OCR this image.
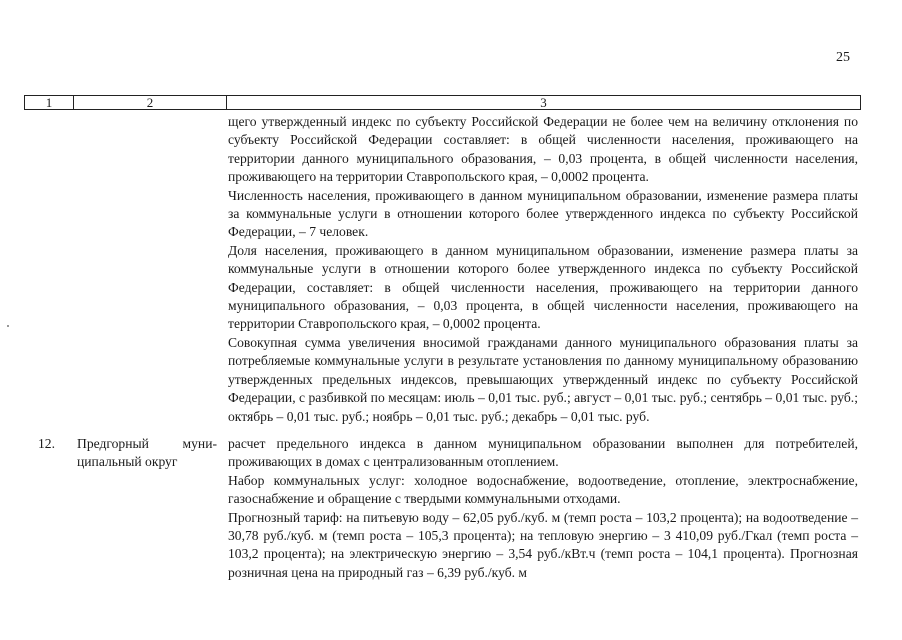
25
1	2	3

щего утвержденный индекс по субъекту Российской Федерации не более чем на величину отклонения по субъекту Российской Федерации составляет: в общей численности населения, проживающего на территории данного муниципального образования, – 0,03 процента, в общей численности населения, проживающего на территории Ставропольского края, – 0,0002 процента.

Численность населения, проживающего в данном муниципальном образовании, изменение размера платы за коммунальные услуги в отношении которого более утвержденного индекса по субъекту Российской Федерации, – 7 человек.

Доля населения, проживающего в данном муниципальном образовании, изменение размера платы за коммунальные услуги в отношении которого более утвержденного индекса по субъекту Российской Федерации, составляет: в общей численности населения, проживающего на территории данного муниципального образования, – 0,03 процента, в общей численности населения, проживающего на территории Ставропольского края, – 0,0002 процента.

Совокупная сумма увеличения вносимой гражданами данного муниципального образования платы за потребляемые коммунальные услуги в результате установления по данному муниципальному образованию утвержденных предельных индексов, превышающих утвержденный индекс по субъекту Российской Федерации, с разбивкой по месяцам: июль – 0,01 тыс. руб.; август – 0,01 тыс. руб.; сентябрь – 0,01 тыс. руб.; октябрь – 0,01 тыс. руб.; ноябрь – 0,01 тыс. руб.; декабрь – 0,01 тыс. руб.

12. Предгорный муни-
ципальный округ

расчет предельного индекса в данном муниципальном образовании выполнен для потребителей, проживающих в домах с централизованным отоплением.

Набор коммунальных услуг: холодное водоснабжение, водоотведение, отопление, электроснабжение, газоснабжение и обращение с твердыми коммунальными отходами.

Прогнозный тариф: на питьевую воду – 62,05 руб./куб. м (темп роста – 103,2 процента); на водоотведение – 30,78 руб./куб. м (темп роста – 105,3 процента); на тепловую энергию – 3 410,09 руб./Гкал (темп роста – 103,2 процента); на электрическую энергию – 3,54 руб./кВт.ч (темп роста – 104,1 процента). Прогнозная розничная цена на природный газ – 6,39 руб./куб. м
